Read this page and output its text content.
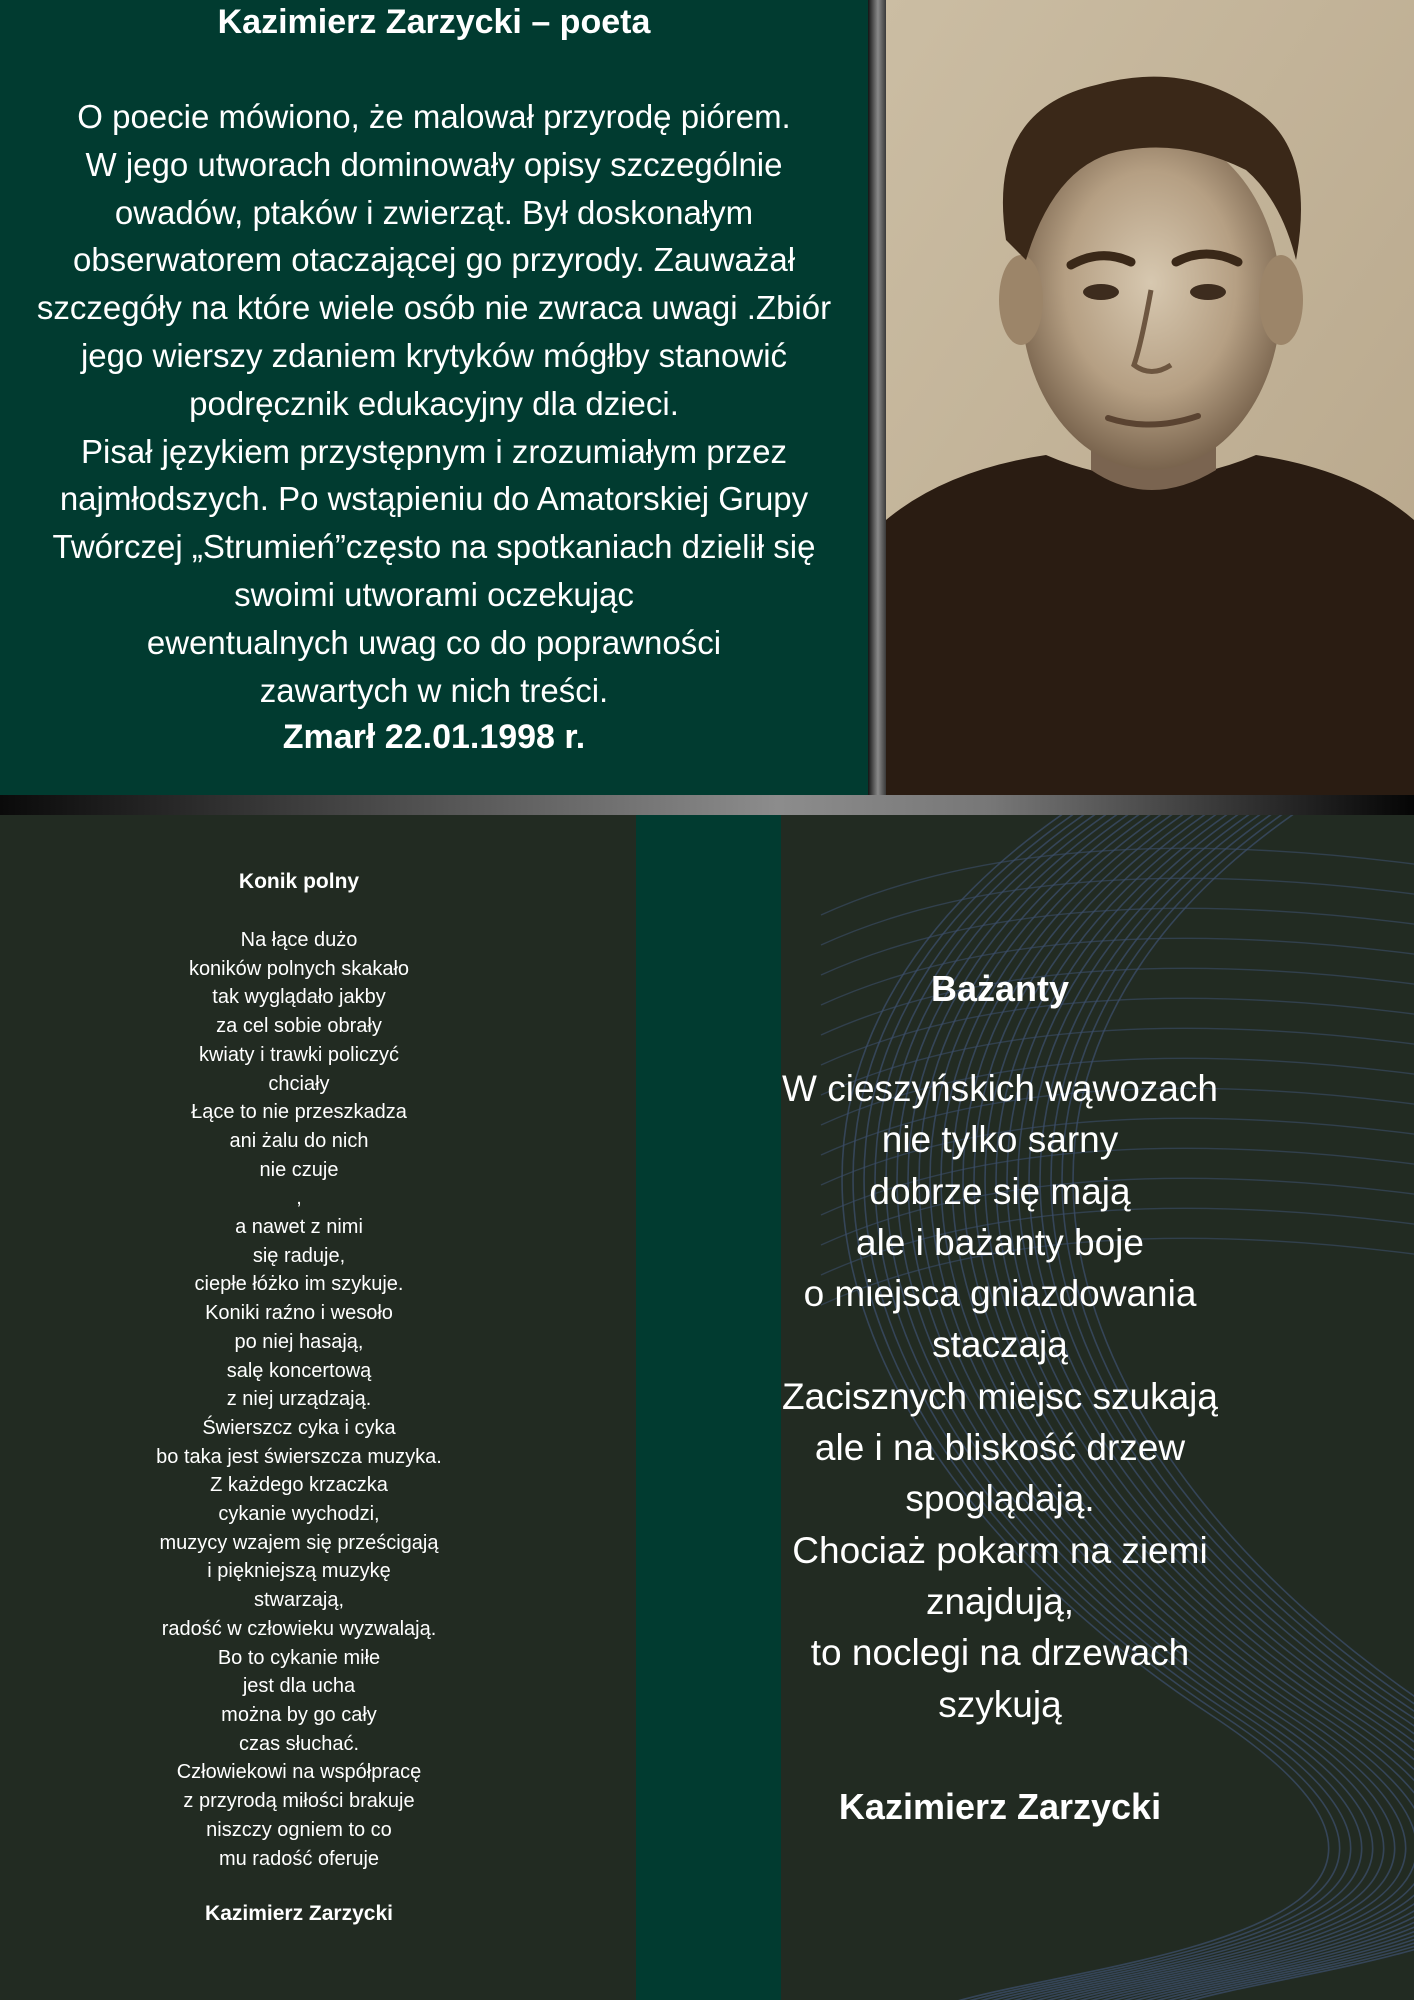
Kazimierz Zarzycki – poeta
O poecie mówiono, że malował przyrodę piórem.
W jego utworach dominowały opisy szczególnie
owadów, ptaków i zwierząt. Był doskonałym
obserwatorem otaczającej go przyrody. Zauważał
szczegóły na które wiele osób nie zwraca uwagi .Zbiór
jego wierszy zdaniem krytyków mógłby stanowić
podręcznik edukacyjny dla dzieci.
Pisał językiem przystępnym i zrozumiałym przez
najmłodszych. Po wstąpieniu do Amatorskiej Grupy
Twórczej „Strumień”często na spotkaniach dzielił się
swoimi utworami oczekując
ewentualnych uwag co do poprawności
zawartych w nich treści.
Zmarł 22.01.1998 r.
Konik polny
Na łące dużo
koników polnych skakało
tak wyglądało jakby
za cel sobie obrały
kwiaty i trawki policzyć
chciały
Łące to nie przeszkadza
ani żalu do nich
nie czuje
,
a nawet z nimi
się raduje,
ciepłe łóżko im szykuje.
Koniki raźno i wesoło
po niej hasają,
salę koncertową
z niej urządzają.
Świerszcz cyka i cyka
bo taka jest świerszcza muzyka.
Z każdego krzaczka
cykanie wychodzi,
muzycy wzajem się prześcigają
i piękniejszą muzykę
stwarzają,
radość w człowieku wyzwalają.
Bo to cykanie miłe
jest dla ucha
można by go cały
czas słuchać.
Człowiekowi na współpracę
z przyrodą miłości brakuje
niszczy ogniem to co
mu radość oferuje
Kazimierz Zarzycki
Bażanty
W cieszyńskich wąwozach
nie tylko sarny
dobrze się mają
ale i bażanty boje
o miejsca gniazdowania
staczają
Zacisznych miejsc szukają
ale i na bliskość drzew
spoglądają.
Chociaż pokarm na ziemi
znajdują,
to noclegi na drzewach
szykują
Kazimierz Zarzycki
